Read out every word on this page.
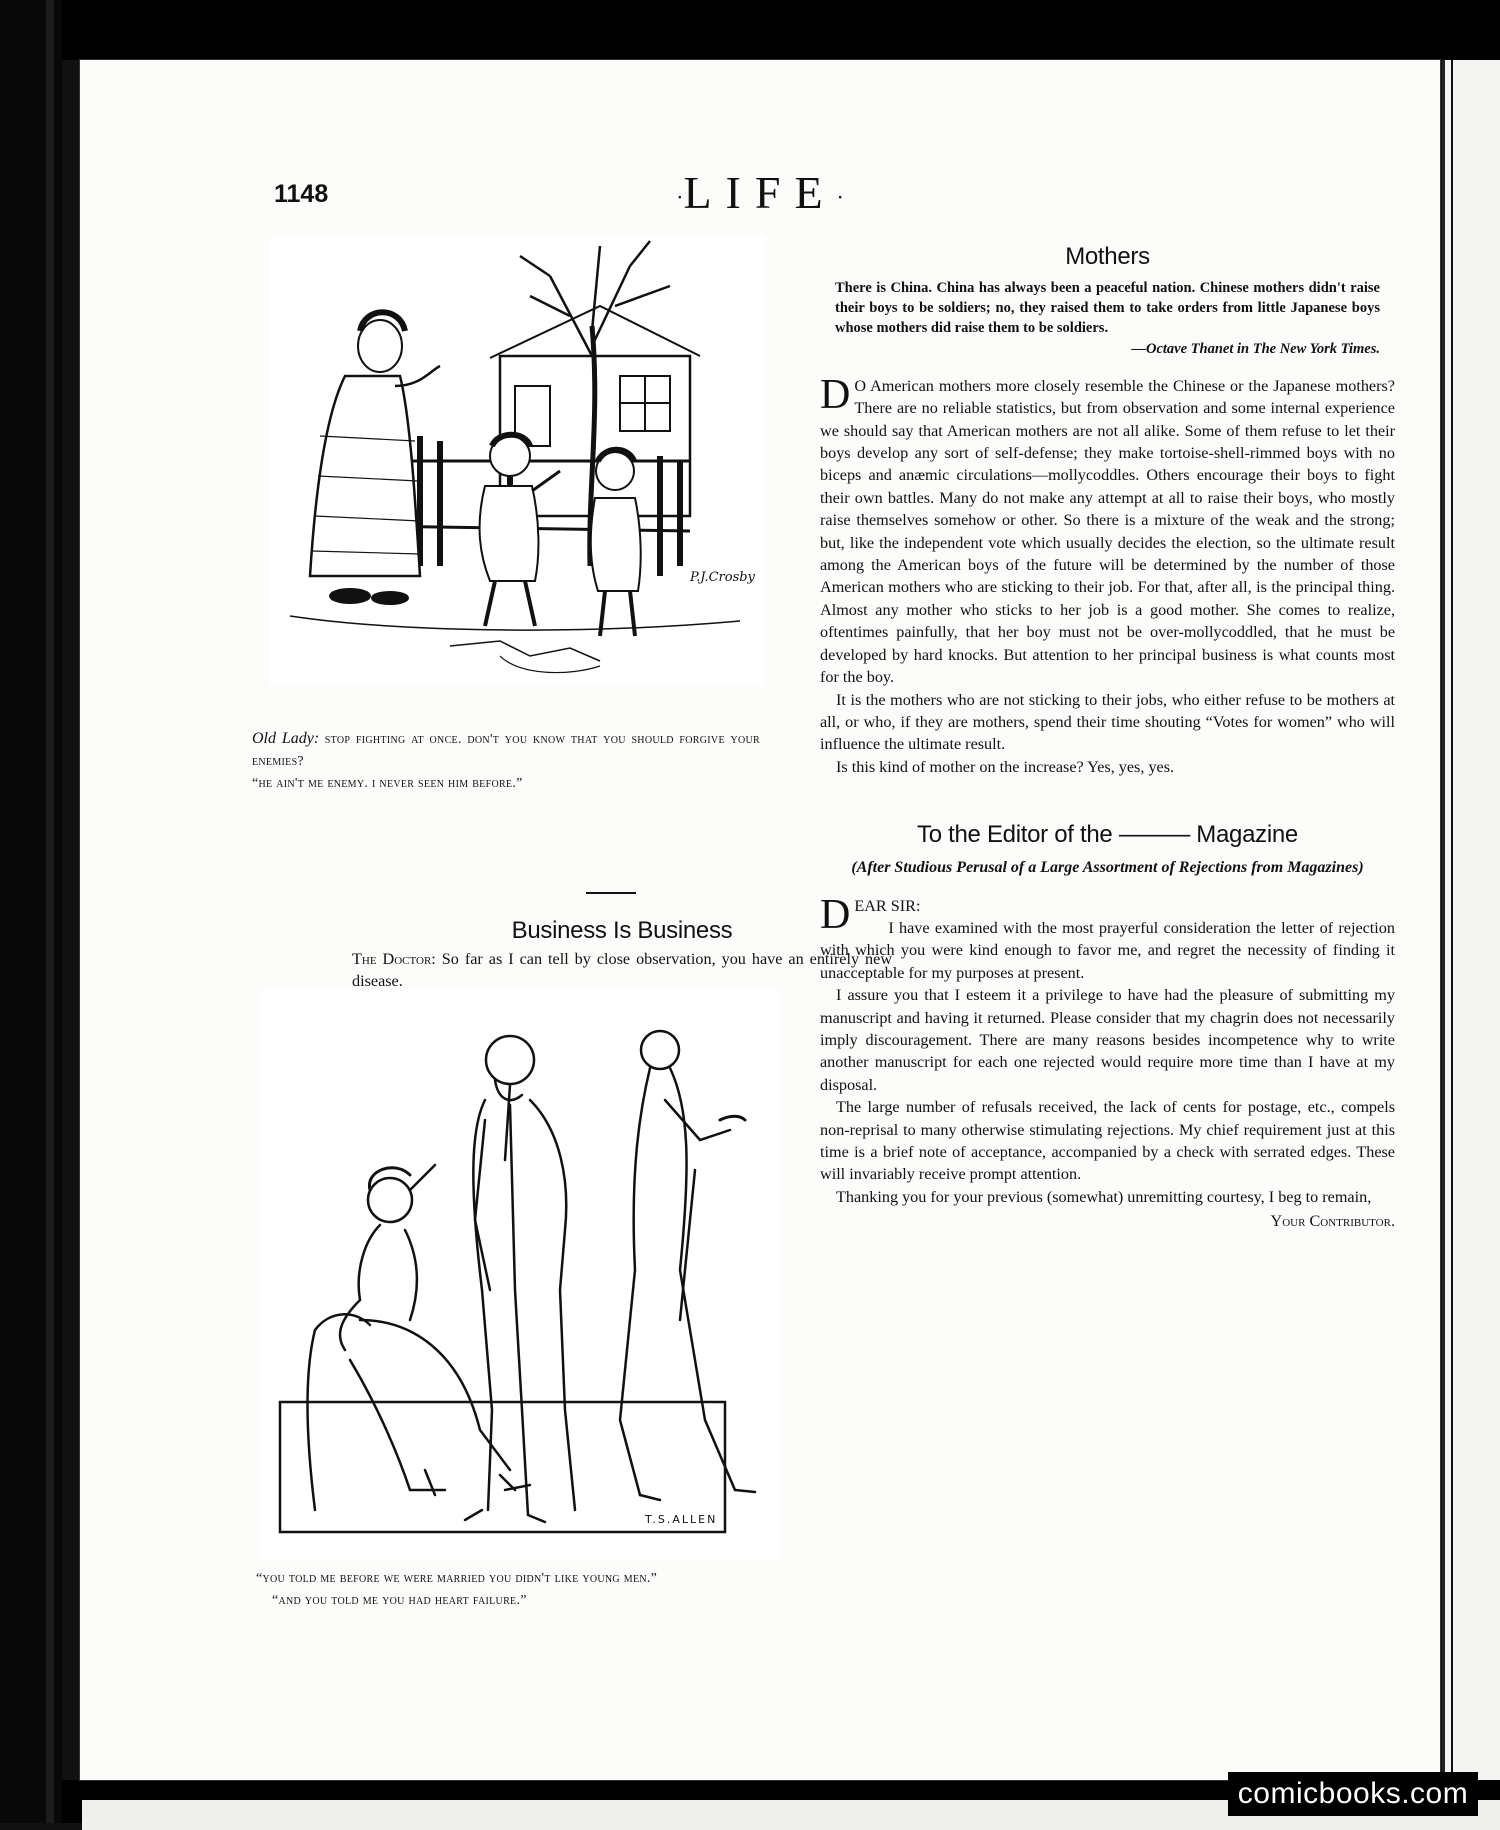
1148	·LIFE·
P.J.Crosby
Old Lady: stop fighting at once. don't you know that you should forgive your enemies?
“he ain't me enemy. i never seen him before.”
Business Is Business
The Doctor: So far as I can tell by close observation, you have an entirely new disease.
T.S.ALLEN
“you told me before we were married you didn't like young men.”
“and you told me you had heart failure.”
Mothers
There is China. China has always been a peaceful nation. Chinese mothers didn't raise their boys to be soldiers; no, they raised them to take orders from little Japanese boys whose mothers did raise them to be soldiers.
—Octave Thanet in The New York Times.

D O American mothers more closely resemble the Chinese or the Japanese mothers? There are no reliable statistics, but from observation and some internal experience we should say that American mothers are not all alike. Some of them refuse to let their boys develop any sort of self-defense; they make tortoise-shell-rimmed boys with no biceps and anæmic circulations—mollycoddles. Others encourage their boys to fight their own battles. Many do not make any attempt at all to raise their boys, who mostly raise themselves somehow or other. So there is a mixture of the weak and the strong; but, like the independent vote which usually decides the election, so the ultimate result among the American boys of the future will be determined by the number of those American mothers who are sticking to their job. For that, after all, is the principal thing. Almost any mother who sticks to her job is a good mother. She comes to realize, oftentimes painfully, that her boy must not be over-mollycoddled, that he must be developed by hard knocks. But attention to her principal business is what counts most for the boy.

It is the mothers who are not sticking to their jobs, who either refuse to be mothers at all, or who, if they are mothers, spend their time shouting “Votes for women” who will influence the ultimate result.

Is this kind of mother on the increase? Yes, yes, yes.

To the Editor of the ——— Magazine
(After Studious Perusal of a Large Assortment of Rejections from Magazines)

DEAR SIR:

I have examined with the most prayerful consideration the letter of rejection with which you were kind enough to favor me, and regret the necessity of finding it unacceptable for my purposes at present.

I assure you that I esteem it a privilege to have had the pleasure of submitting my manuscript and having it returned. Please consider that my chagrin does not necessarily imply discouragement. There are many reasons besides incompetence why to write another manuscript for each one rejected would require more time than I have at my disposal.

The large number of refusals received, the lack of cents for postage, etc., compels non-reprisal to many otherwise stimulating rejections. My chief requirement just at this time is a brief note of acceptance, accompanied by a check with serrated edges. These will invariably receive prompt attention.

Thanking you for your previous (somewhat) unremitting courtesy, I beg to remain,

Your Contributor.
comicbooks.com
